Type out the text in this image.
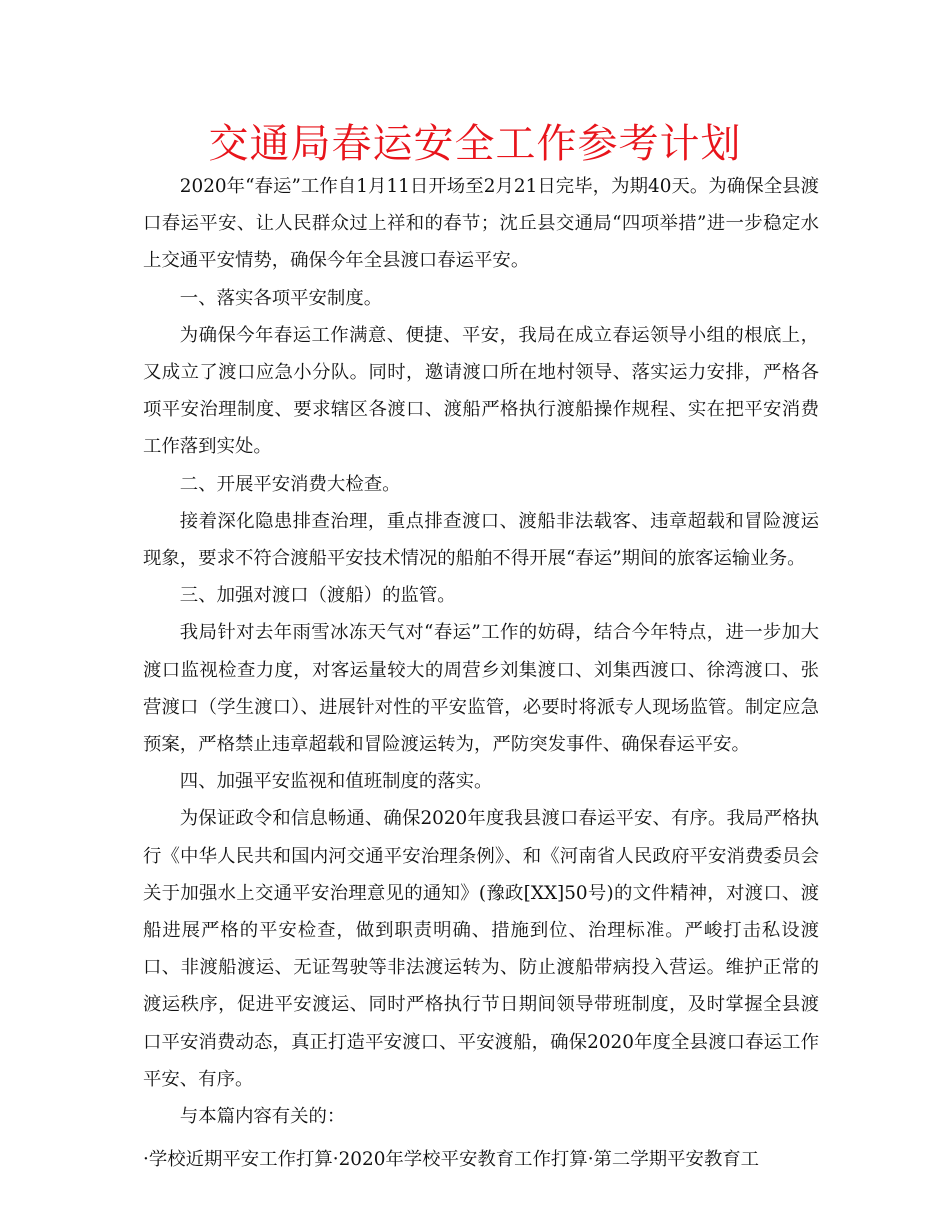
交通局春运安全工作参考计划

2020年“春运”工作自1月11日开场至2月21日完毕，为期40天。为确保全县渡口春运平安、让人民群众过上祥和的春节；沈丘县交通局“四项举措”进一步稳定水上交通平安情势，确保今年全县渡口春运平安。

一、落实各项平安制度。

为确保今年春运工作满意、便捷、平安，我局在成立春运领导小组的根底上，又成立了渡口应急小分队。同时，邀请渡口所在地村领导、落实运力安排，严格各项平安治理制度、要求辖区各渡口、渡船严格执行渡船操作规程、实在把平安消费工作落到实处。

二、开展平安消费大检查。

接着深化隐患排查治理，重点排查渡口、渡船非法载客、违章超载和冒险渡运现象，要求不符合渡船平安技术情况的船舶不得开展“春运”期间的旅客运输业务。

三、加强对渡口（渡船）的监管。

我局针对去年雨雪冰冻天气对“春运”工作的妨碍，结合今年特点，进一步加大渡口监视检查力度，对客运量较大的周营乡刘集渡口、刘集西渡口、徐湾渡口、张营渡口（学生渡口）、进展针对性的平安监管，必要时将派专人现场监管。制定应急预案，严格禁止违章超载和冒险渡运转为，严防突发事件、确保春运平安。

四、加强平安监视和值班制度的落实。

为保证政令和信息畅通、确保2020年度我县渡口春运平安、有序。我局严格执行《中华人民共和国内河交通平安治理条例》、和《河南省人民政府平安消费委员会关于加强水上交通平安治理意见的通知》(豫政[XX]50号)的文件精神，对渡口、渡船进展严格的平安检查，做到职责明确、措施到位、治理标准。严峻打击私设渡口、非渡船渡运、无证驾驶等非法渡运转为、防止渡船带病投入营运。维护正常的渡运秩序，促进平安渡运、同时严格执行节日期间领导带班制度，及时掌握全县渡口平安消费动态，真正打造平安渡口、平安渡船，确保2020年度全县渡口春运工作平安、有序。

与本篇内容有关的：

·学校近期平安工作打算·2020年学校平安教育工作打算·第二学期平安教育工
